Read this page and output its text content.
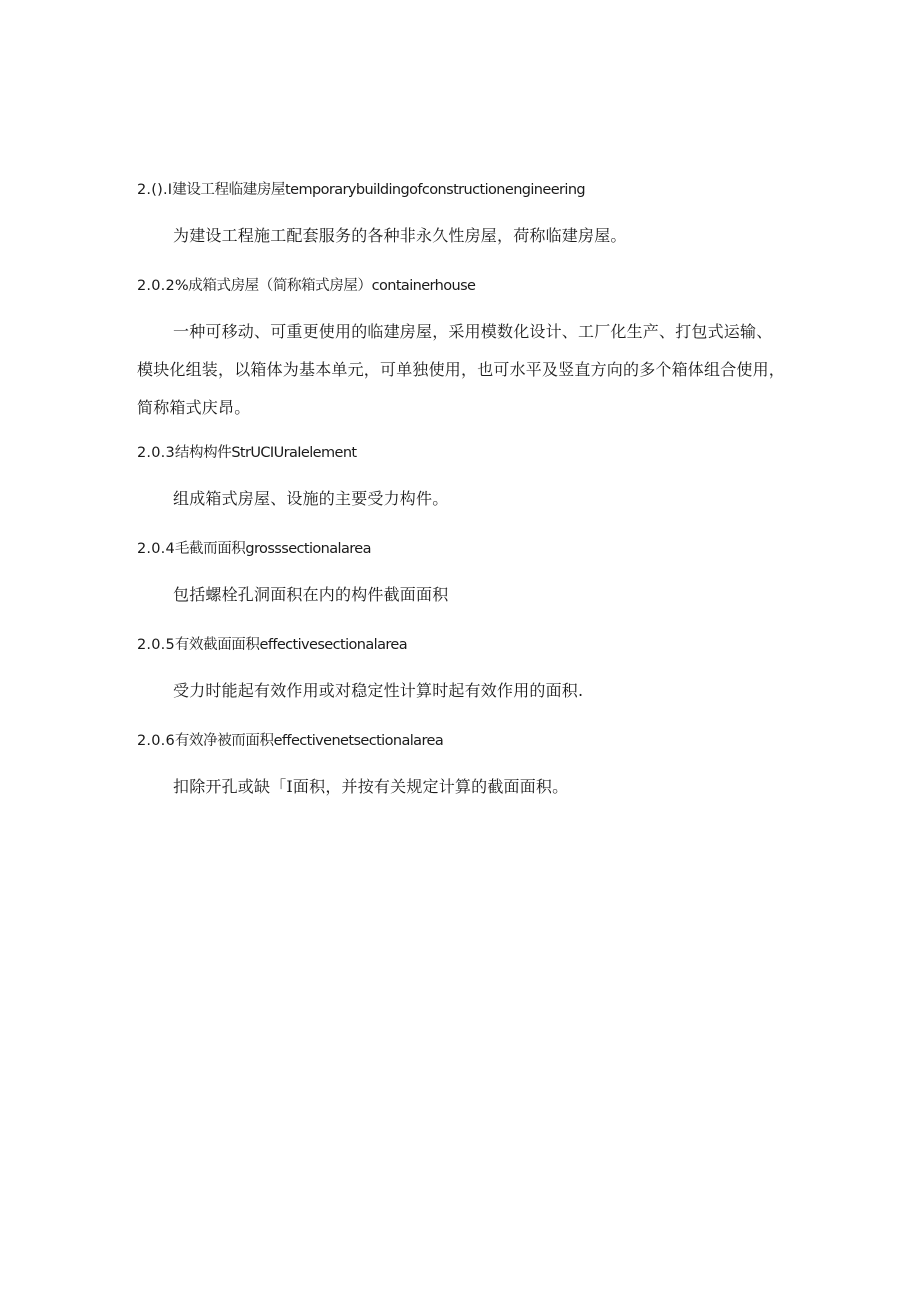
2.().I建设工程临建房屋temporarybuildingofconstructionengineering
为建设工程施工配套服务的各种非永久性房屋，荷称临建房屋。
2.0.2%成箱式房屋（简称箱式房屋）containerhouse
一种可移动、可重更使用的临建房屋，采用模数化设计、工厂化生产、打包式运输、模块化组装，以箱体为基本单元，可单独使用，也可水平及竖直方向的多个箱体组合使用，简称箱式庆昂。
2.0.3结构构件StrUCIUraIelement
组成箱式房屋、设施的主要受力构件。
2.0.4毛截而面积grosssectionalarea
包括螺栓孔洞面积在内的构件截面面积
2.0.5有效截面面积effectivesectionalarea
受力时能起有效作用或对稳定性计算时起有效作用的面积.
2.0.6有效净被而面积effectivenetsectionalarea
扣除开孔或缺「I面积，并按有关规定计算的截面面积。
